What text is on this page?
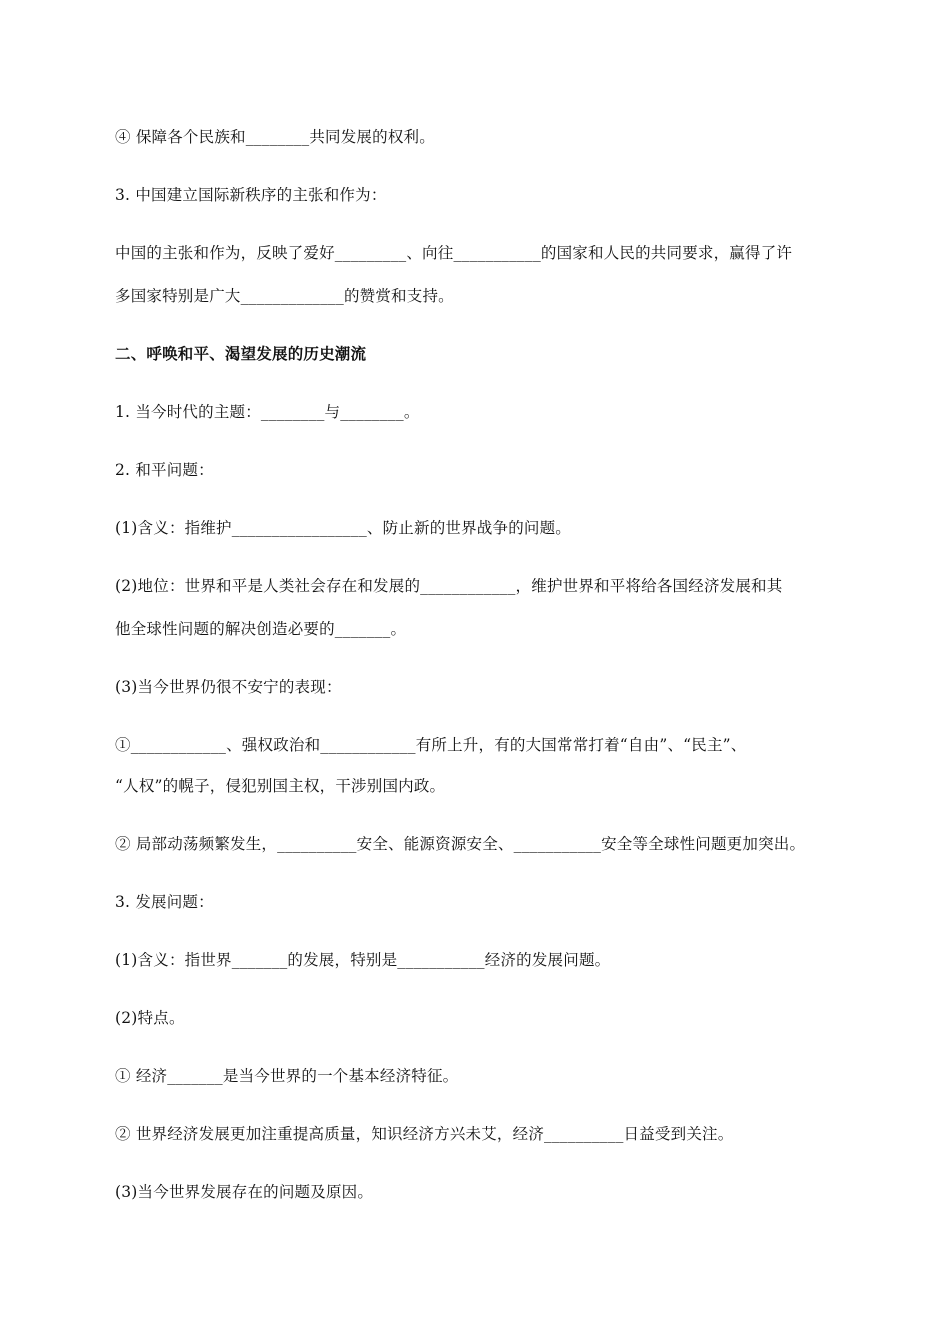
④ 保障各个民族和________共同发展的权利。
3. 中国建立国际新秩序的主张和作为：
中国的主张和作为，反映了爱好_________、向往___________的国家和人民的共同要求，赢得了许
多国家特别是广大_____________的赞赏和支持。
二、呼唤和平、渴望发展的历史潮流
1. 当今时代的主题：________与________。
2. 和平问题：
(1)含义：指维护_________________、防止新的世界战争的问题。
(2)地位：世界和平是人类社会存在和发展的____________，维护世界和平将给各国经济发展和其
他全球性问题的解决创造必要的_______。
(3)当今世界仍很不安宁的表现：
①____________、强权政治和____________有所上升，有的大国常常打着“自由”、“民主”、
“人权”的幌子，侵犯别国主权，干涉别国内政。
② 局部动荡频繁发生，__________安全、能源资源安全、___________安全等全球性问题更加突出。
3. 发展问题：
(1)含义：指世界_______的发展，特别是___________经济的发展问题。
(2)特点。
① 经济_______是当今世界的一个基本经济特征。
② 世界经济发展更加注重提高质量，知识经济方兴未艾，经济__________日益受到关注。
(3)当今世界发展存在的问题及原因。
